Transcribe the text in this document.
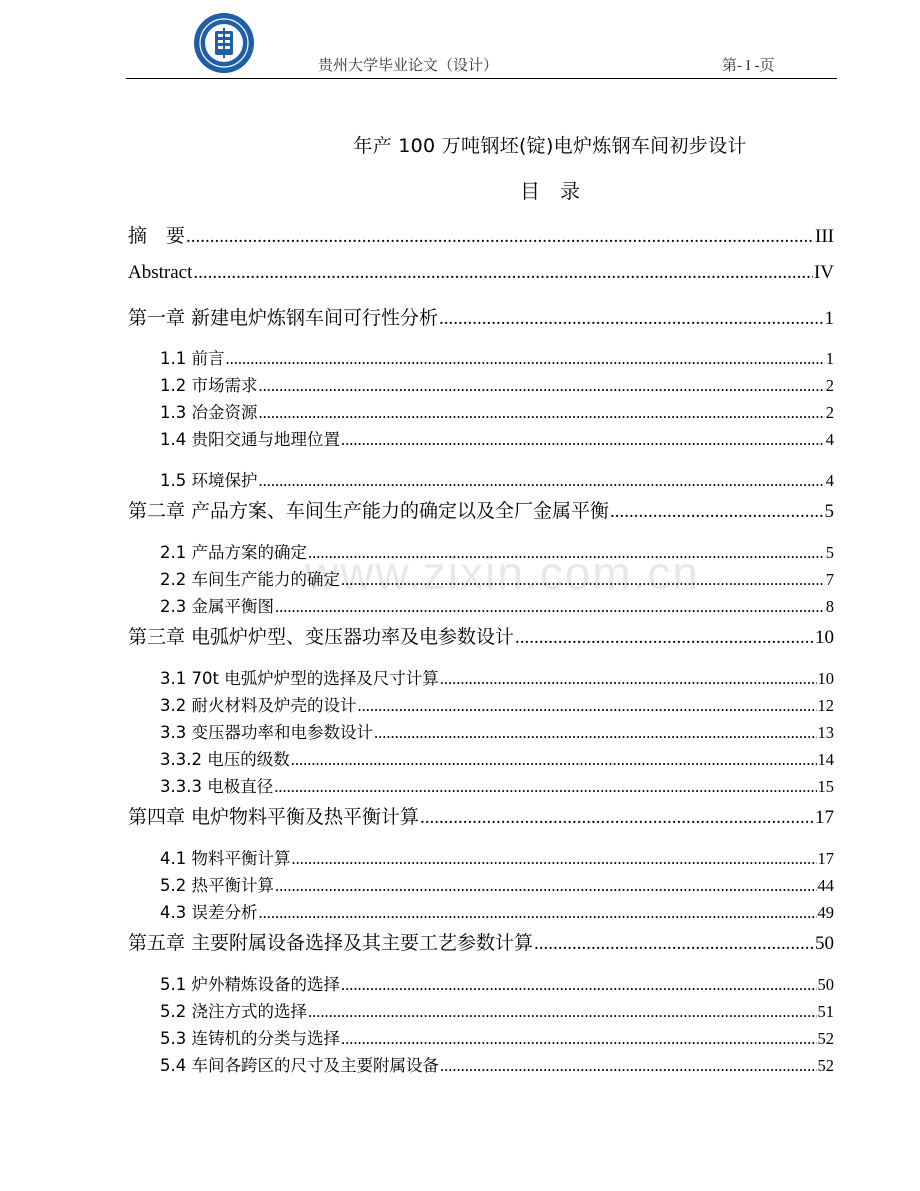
贵州大学毕业论文（设计）	第- I -页
年产 100 万吨钢坯(锭)电炉炼钢车间初步设计
目　录
www.zixin.com.cn
摘　要 .....	III
Abstract .....	IV
第一章 新建电炉炼钢车间可行性分析 .....	1
1.1 前言 .....	1
1.2 市场需求 .....	2
1.3 冶金资源 .....	2
1.4 贵阳交通与地理位置 .....	4
1.5 环境保护 .....	4
第二章 产品方案、车间生产能力的确定以及全厂金属平衡 .....	5
2.1 产品方案的确定 .....	5
2.2 车间生产能力的确定 .....	7
2.3 金属平衡图 .....	8
第三章 电弧炉炉型、变压器功率及电参数设计 .....	10
3.1 70t 电弧炉炉型的选择及尺寸计算 .....	10
3.2 耐火材料及炉壳的设计 .....	12
3.3 变压器功率和电参数设计 .....	13
3.3.2 电压的级数 .....	14
3.3.3 电极直径 .....	15
第四章 电炉物料平衡及热平衡计算 .....	17
4.1 物料平衡计算 .....	17
5.2 热平衡计算 .....	44
4.3 误差分析 .....	49
第五章 主要附属设备选择及其主要工艺参数计算 .....	50
5.1 炉外精炼设备的选择 .....	50
5.2 浇注方式的选择 .....	51
5.3 连铸机的分类与选择 .....	52
5.4 车间各跨区的尺寸及主要附属设备 .....	52
